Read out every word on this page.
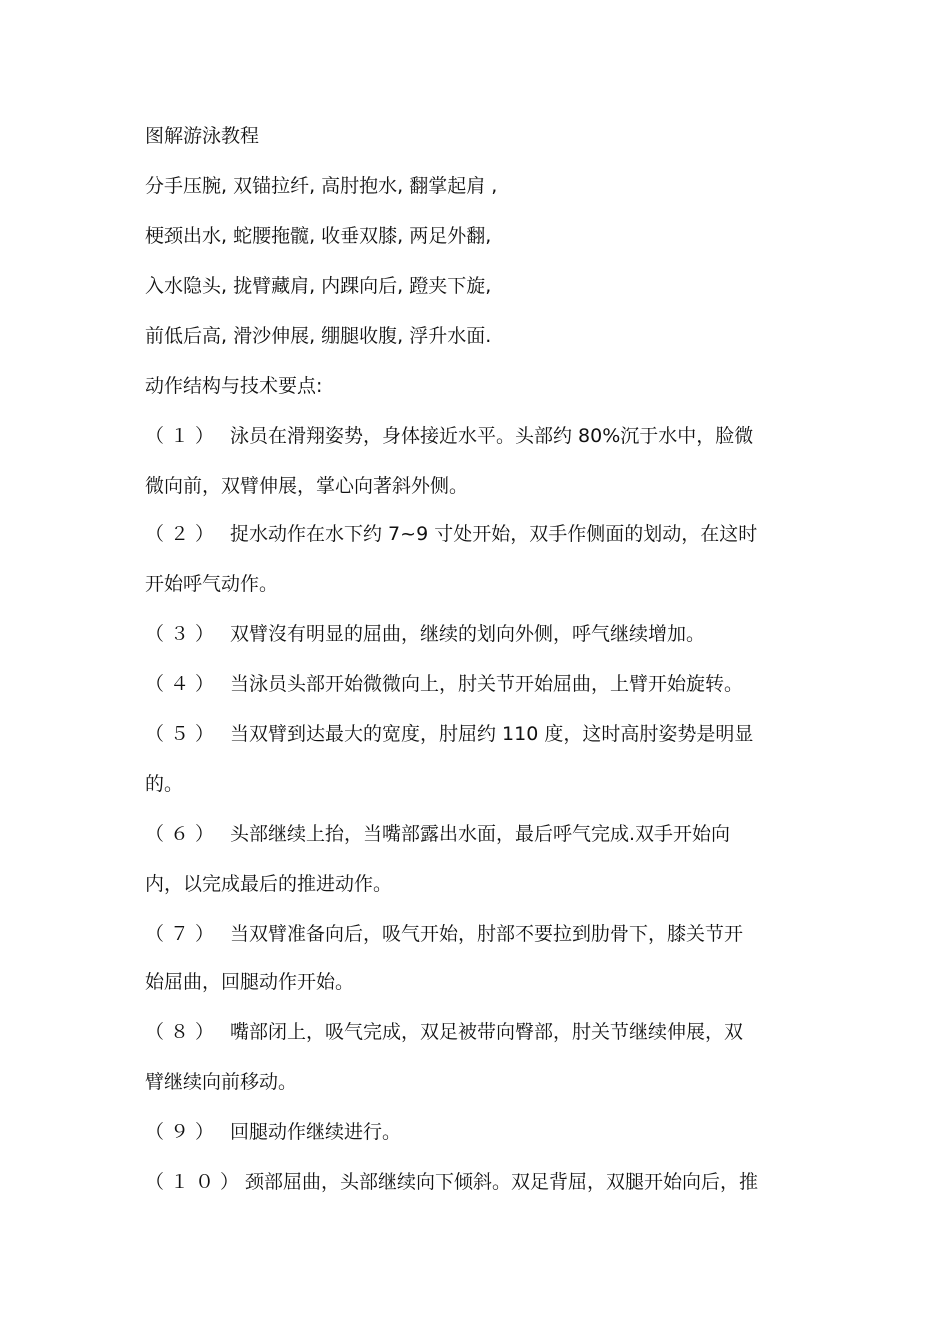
图解游泳教程
分手压腕, 双锚拉纤, 高肘抱水, 翻掌起肩 ,
梗颈出水, 蛇腰拖髋, 收垂双膝, 两足外翻,
入水隐头, 拢臂藏肩, 内踝向后, 蹬夹下旋,
前低后高, 滑沙伸展, 绷腿收腹, 浮升水面.
动作结构与技术要点:
（１） 泳员在滑翔姿势，身体接近水平。头部约 80%沉于水中，脸微
微向前，双臂伸展，掌心向著斜外侧。
（２） 捉水动作在水下约 7~9 寸处开始，双手作侧面的划动，在这时
开始呼气动作。
（３） 双臂沒有明显的屈曲，继续的划向外侧，呼气继续增加。
（４） 当泳员头部开始微微向上，肘关节开始屈曲，上臂开始旋转。
（５） 当双臂到达最大的宽度，肘屈约 110 度，这时高肘姿势是明显
的。
（６） 头部继续上抬，当嘴部露出水面，最后呼气完成.双手开始向
内，以完成最后的推进动作。
（７） 当双臂准备向后，吸气开始，肘部不要拉到肋骨下，膝关节开
始屈曲，回腿动作开始。
（８） 嘴部闭上，吸气完成，双足被带向臀部，肘关节继续伸展，双
臂继续向前移动。
（９） 回腿动作继续进行。
（１０）颈部屈曲，头部继续向下倾斜。双足背屈，双腿开始向后，推
